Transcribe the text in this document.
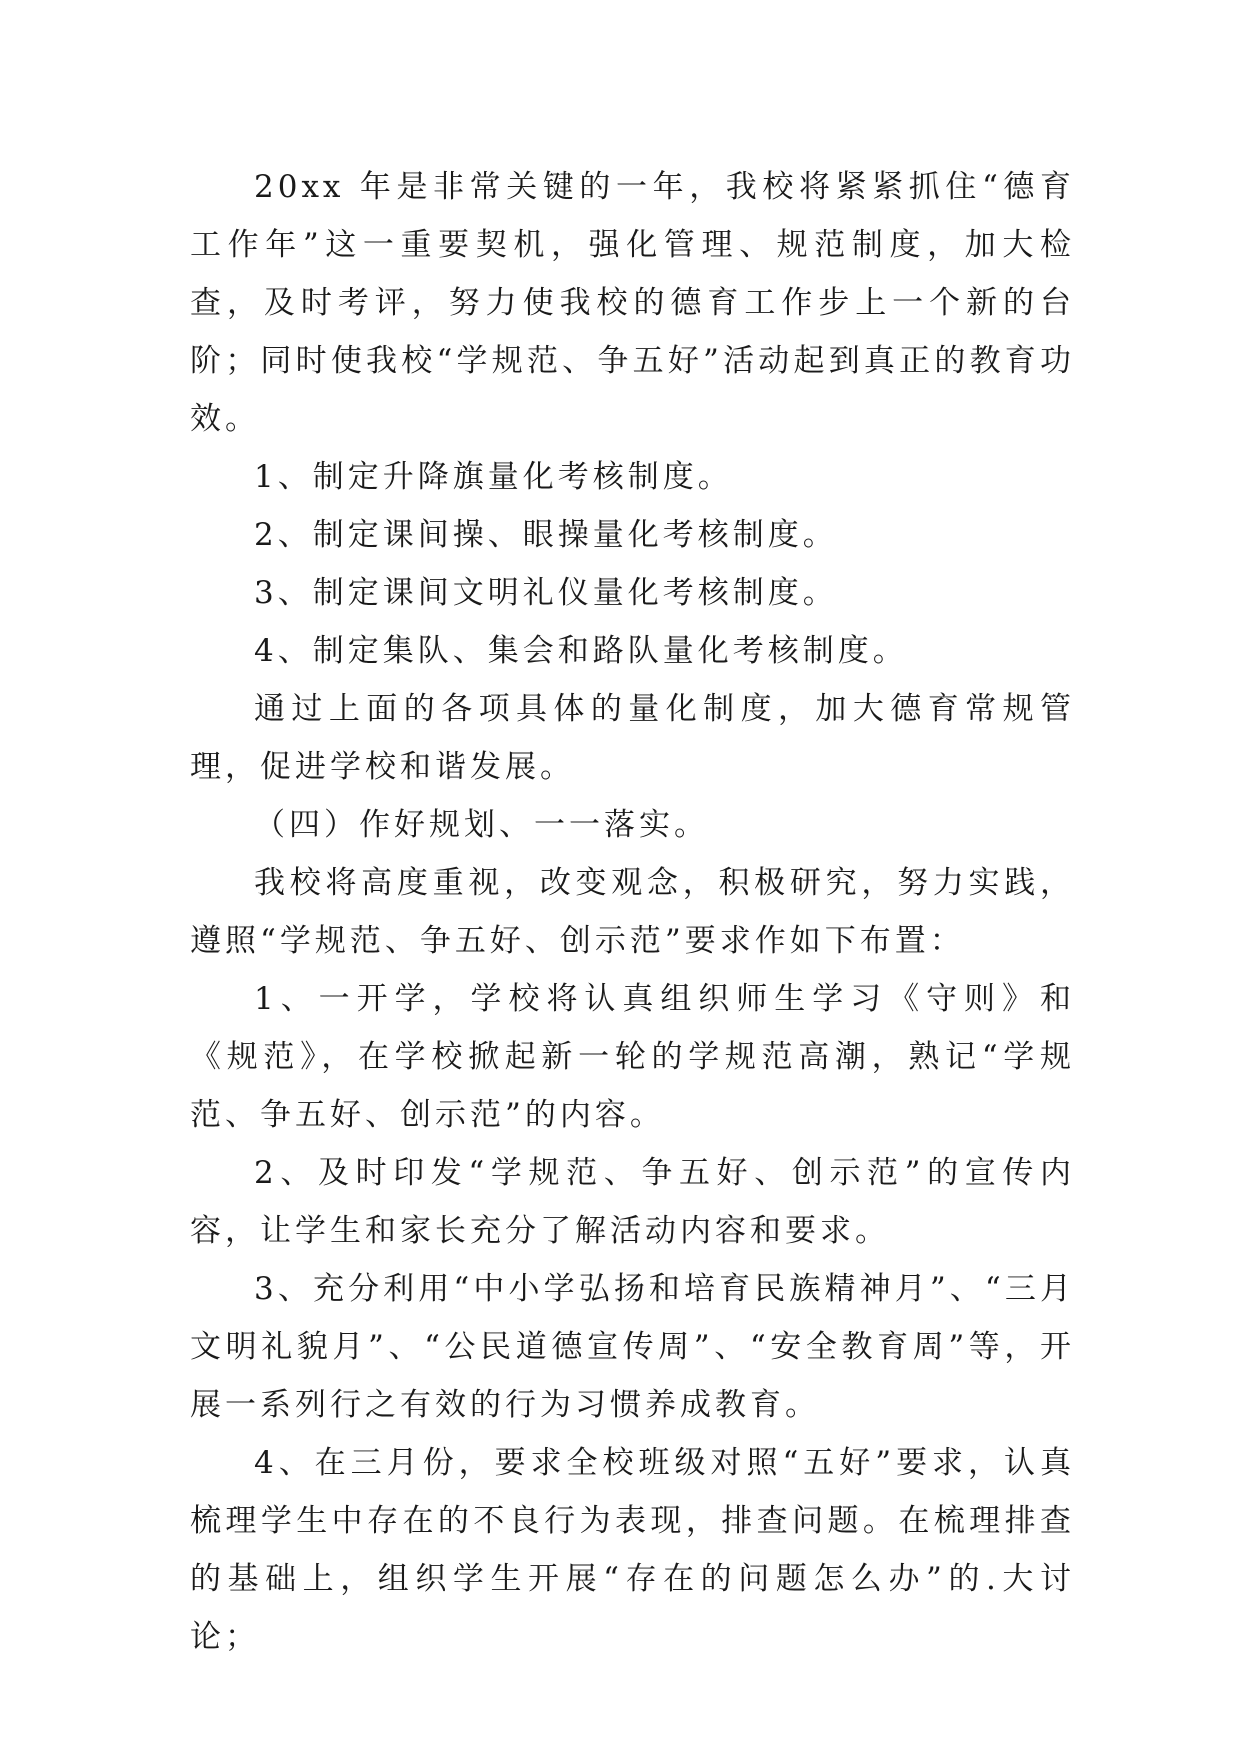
20xx 年是非常关键的一年，我校将紧紧抓住“德育工作年”这一重要契机，强化管理、规范制度，加大检查，及时考评，努力使我校的德育工作步上一个新的台阶；同时使我校“学规范、争五好”活动起到真正的教育功效。

1、制定升降旗量化考核制度。

2、制定课间操、眼操量化考核制度。

3、制定课间文明礼仪量化考核制度。

4、制定集队、集会和路队量化考核制度。

通过上面的各项具体的量化制度，加大德育常规管理，促进学校和谐发展。

（四）作好规划、一一落实。

我校将高度重视，改变观念，积极研究，努力实践，遵照“学规范、争五好、创示范”要求作如下布置：

1、一开学，学校将认真组织师生学习《守则》和《规范》，在学校掀起新一轮的学规范高潮，熟记“学规范、争五好、创示范”的内容。

2、及时印发“学规范、争五好、创示范”的宣传内容，让学生和家长充分了解活动内容和要求。

3、充分利用“中小学弘扬和培育民族精神月”、“三月文明礼貌月”、“公民道德宣传周”、“安全教育周”等，开展一系列行之有效的行为习惯养成教育。

4、在三月份，要求全校班级对照“五好”要求，认真梳理学生中存在的不良行为表现，排查问题。在梳理排查的基础上，组织学生开展“存在的问题怎么办”的.大讨论；
